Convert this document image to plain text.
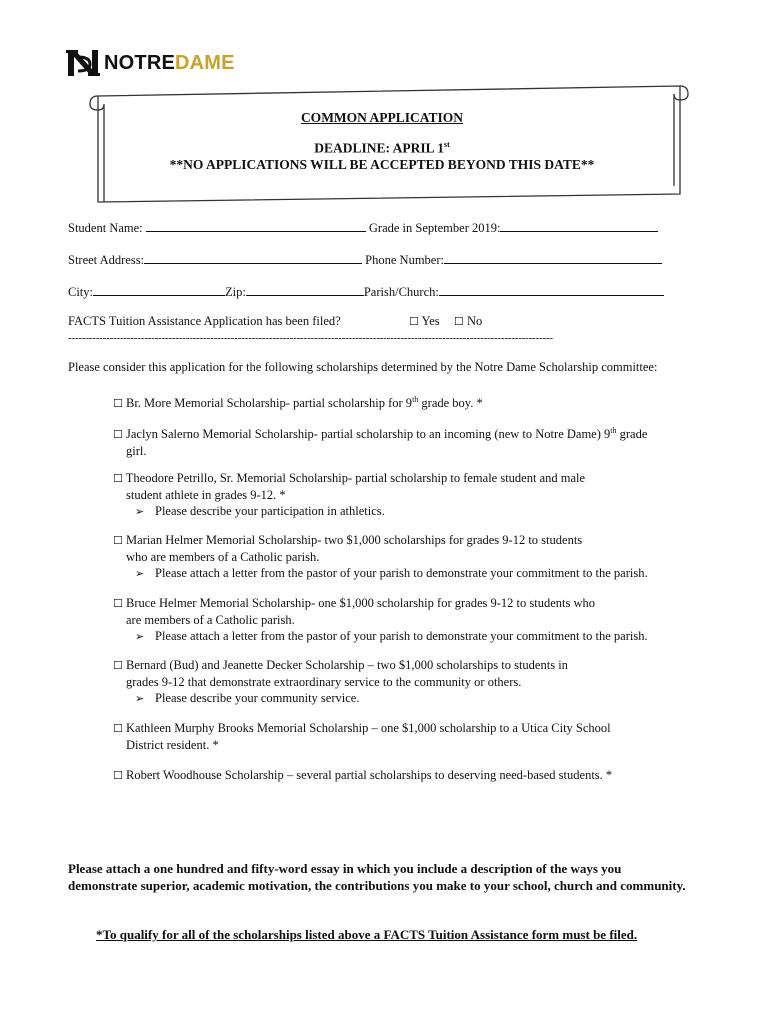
NOTREDAME
COMMON APPLICATION
DEADLINE: APRIL 1st
**NO APPLICATIONS WILL BE ACCEPTED BEYOND THIS DATE**
Student Name:	Grade in September 2019:
Street Address:	Phone Number:
City:	Zip:	Parish/Church:
FACTS Tuition Assistance Application has been filed?	☐ Yes ☐ No
--------------------------------------------------------------------------------------------------------------------------------------------
Please consider this application for the following scholarships determined by the Notre Dame Scholarship committee:
☐ Br. More Memorial Scholarship- partial scholarship for 9th grade boy. *
☐ Jaclyn Salerno Memorial Scholarship- partial scholarship to an incoming (new to Notre Dame) 9th grade
girl.
☐ Theodore Petrillo, Sr. Memorial Scholarship- partial scholarship to female student and male
student athlete in grades 9-12. *
➢ Please describe your participation in athletics.
☐ Marian Helmer Memorial Scholarship- two $1,000 scholarships for grades 9-12 to students
who are members of a Catholic parish.
➢ Please attach a letter from the pastor of your parish to demonstrate your commitment to the parish.
☐ Bruce Helmer Memorial Scholarship- one $1,000 scholarship for grades 9-12 to students who
are members of a Catholic parish.
➢ Please attach a letter from the pastor of your parish to demonstrate your commitment to the parish.
☐ Bernard (Bud) and Jeanette Decker Scholarship – two $1,000 scholarships to students in
grades 9-12 that demonstrate extraordinary service to the community or others.
➢ Please describe your community service.
☐ Kathleen Murphy Brooks Memorial Scholarship – one $1,000 scholarship to a Utica City School
District resident. *
☐ Robert Woodhouse Scholarship – several partial scholarships to deserving need-based students. *
Please attach a one hundred and fifty-word essay in which you include a description of the ways you demonstrate superior, academic motivation, the contributions you make to your school, church and community.
*To qualify for all of the scholarships listed above a FACTS Tuition Assistance form must be filed.
